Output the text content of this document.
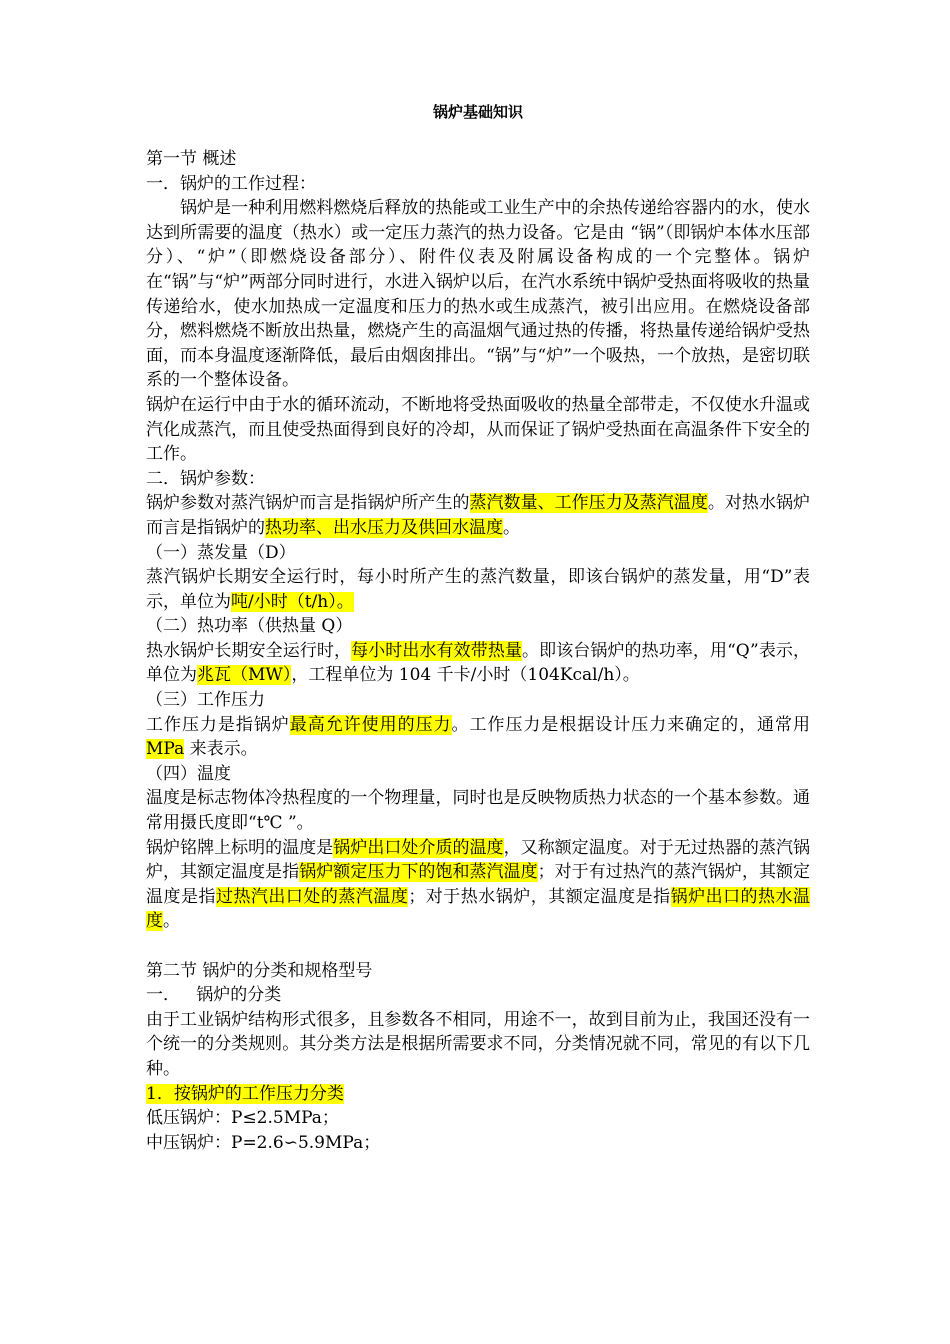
锅炉基础知识
第一节 概述
一．锅炉的工作过程：
锅炉是一种利用燃料燃烧后释放的热能或工业生产中的余热传递给容器内的水，使水达到所需要的温度（热水）或一定压力蒸汽的热力设备。它是由 “锅”（即锅炉本体水压部分）、“炉”（即燃烧设备部分）、附件仪表及附属设备构成的一个完整体。锅炉在“锅”与“炉”两部分同时进行，水进入锅炉以后，在汽水系统中锅炉受热面将吸收的热量传递给水，使水加热成一定温度和压力的热水或生成蒸汽，被引出应用。在燃烧设备部分，燃料燃烧不断放出热量，燃烧产生的高温烟气通过热的传播，将热量传递给锅炉受热面，而本身温度逐渐降低，最后由烟囱排出。“锅”与“炉”一个吸热，一个放热，是密切联系的一个整体设备。
锅炉在运行中由于水的循环流动，不断地将受热面吸收的热量全部带走，不仅使水升温或汽化成蒸汽，而且使受热面得到良好的冷却，从而保证了锅炉受热面在高温条件下安全的工作。
二．锅炉参数：
锅炉参数对蒸汽锅炉而言是指锅炉所产生的蒸汽数量、工作压力及蒸汽温度。对热水锅炉而言是指锅炉的热功率、出水压力及供回水温度。
（一）蒸发量（D）
蒸汽锅炉长期安全运行时，每小时所产生的蒸汽数量，即该台锅炉的蒸发量，用“D”表示，单位为吨/小时（t/h）。
（二）热功率（供热量 Q）
热水锅炉长期安全运行时，每小时出水有效带热量。即该台锅炉的热功率，用“Q”表示，单位为兆瓦（MW），工程单位为 104 千卡/小时（104Kcal/h）。
（三）工作压力
工作压力是指锅炉最高允许使用的压力。工作压力是根据设计压力来确定的，通常用 MPa 来表示。
（四）温度
温度是标志物体冷热程度的一个物理量，同时也是反映物质热力状态的一个基本参数。通常用摄氏度即“t℃ ”。
锅炉铭牌上标明的温度是锅炉出口处介质的温度，又称额定温度。对于无过热器的蒸汽锅炉，其额定温度是指锅炉额定压力下的饱和蒸汽温度；对于有过热汽的蒸汽锅炉，其额定温度是指过热汽出口处的蒸汽温度；对于热水锅炉，其额定温度是指锅炉出口的热水温度。
第二节 锅炉的分类和规格型号
一．   锅炉的分类
由于工业锅炉结构形式很多，且参数各不相同，用途不一，故到目前为止，我国还没有一个统一的分类规则。其分类方法是根据所需要求不同，分类情况就不同，常见的有以下几种。
1．按锅炉的工作压力分类
低压锅炉：P≤2.5MPa；
中压锅炉：P=2.6∽5.9MPa；
